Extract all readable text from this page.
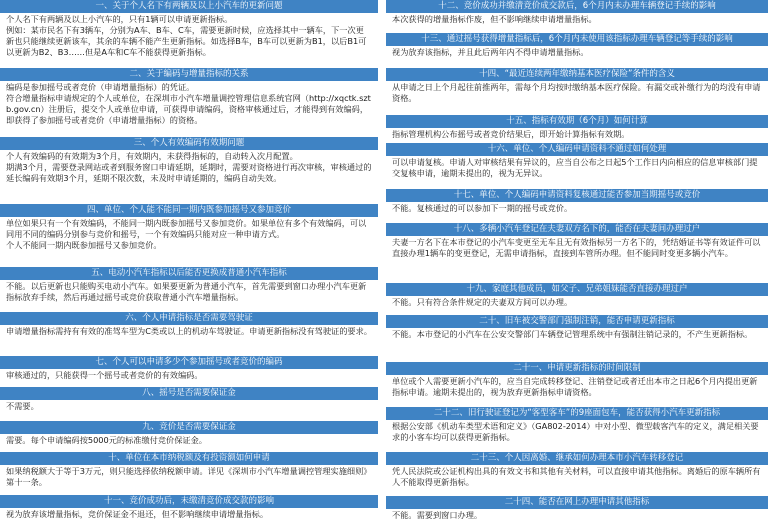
一、关于个人名下有两辆及以上小汽车的更新问题
个人名下有两辆及以上小汽车的，只有1辆可以申请更新指标。
例如：某市民名下有3辆车，分别为A车、B车、C车，需要更新时候，应选择其中一辆车，下一次更新也只能继续更新该车，其余的车辆不能产生更新指标。如选择B车，B车可以更新为B1，以后B1可以更新为B2、B3……但是A车和C车不能获得更新指标。
二、关于编码与增量指标的关系
编码是参加摇号或者竞价（申请增量指标）的凭证。
符合增量指标申请规定的个人或单位，在深圳市小汽车增量调控管理信息系统官网（http://xqctk.sztb.gov.cn）注册后，提交个人或单位申请，可获得申请编码，资格审核通过后，才能得到有效编码，即获得了参加摇号或者竞价（申请增量指标）的资格。
三、个人有效编码有效期问题
个人有效编码的有效期为3个月，有效期内，未获得指标的，自动转入次月配置。
期满3个月，需要登录网站或者到服务窗口申请延期，延期时，需要对资格进行再次审核，审核通过的延长编码有效期3个月，延期不限次数，未及时申请延期的，编码自动失效。
四、单位、个人能不能同一期内既参加摇号又参加竞价
单位如果只有一个有效编码，不能同一期内既参加摇号又参加竞价。如果单位有多个有效编码，可以同用不同的编码分别参与竞价和摇号，一个有效编码只能对应一种申请方式。
个人不能同一期内既参加摇号又参加竞价。
五、电动小汽车指标以后能否更换成普通小汽车指标
不能。以后更新也只能购买电动小汽车。如果要更新为普通小汽车，首先需要到窗口办理小汽车更新指标放弃手续，然后再通过摇号或竞价获取普通小汽车增量指标。
六、个人申请指标是否需要驾驶证
申请增量指标需持有有效的准驾车型为C类或以上的机动车驾驶证。申请更新指标没有驾驶证的要求。
七、个人可以申请多少个参加摇号或者竞价的编码
审核通过的，只能获得一个摇号或者竞价的有效编码。
八、摇号是否需要保证金
不需要。
九、竞价是否需要保证金
需要。每个申请编码按5000元的标准缴付竞价保证金。
十、单位在本市纳税额及有投资额如何申请
如果纳税额大于等于3万元，则只能选择依纳税额申请。详见《深圳市小汽车增量调控管理实施细则》第十一条。
十一、竞价成功后，未缴清竞价成交款的影响
视为放弃该增量指标，竞价保证金不退还，但不影响继续申请增量指标。
十二、竞价成功并缴清竞价成交款后，6个月内未办理车辆登记手续的影响
本次获得的增量指标作废，但不影响继续申请增量指标。
十三、通过摇号获得增量指标后，6个月内未使用该指标办理车辆登记等手续的影响
视为放弃该指标，并且此后两年内不得申请增量指标。
十四、“最近连续两年缴纳基本医疗保险”条件的含义
从申请之日上个月起往前推两年，需每个月均按时缴纳基本医疗保险。有漏交或补缴行为的均没有申请资格。
十五、指标有效期（6个月）如何计算
指标管理机构公布摇号或者竞价结果后，即开始计算指标有效期。
十六、单位、个人编码申请资料不通过如何处理
可以申请复核。申请人对审核结果有异议的，应当自公布之日起5个工作日内向相应的信息审核部门提交复核申请，逾期未提出的，视为无异议。
十七、单位、个人编码申请资料复核通过能否参加当期摇号或竞价
不能。复核通过的可以参加下一期的摇号或竞价。
十八、多辆小汽车登记在夫妻双方名下的，能否在夫妻间办理过户
夫妻一方名下在本市登记的小汽车变更至无车且无有效指标另一方名下的，凭结婚证书等有效证件可以直接办理1辆车的变更登记，无需申请指标，直接到车管所办理。但不能同时变更多辆小汽车。
十九、家庭其他成员，如父子、兄弟姐妹能否直接办理过户
不能。只有符合条件规定的夫妻双方间可以办理。
二十、旧车被交警部门强制注销，能否申请更新指标
不能。本市登记的小汽车在公安交警部门车辆登记管理系统中有强制注销记录的，不产生更新指标。
二十一、申请更新指标的时间限制
单位或个人需要更新小汽车的，应当自完成转移登记、注销登记或者迁出本市之日起6个月内提出更新指标申请。逾期未提出的，视为放弃更新指标申请资格。
二十二、旧行驶证登记为“客型客车”的9座面包车，能否获得小汽车更新指标
根据公安部《机动车类型术语和定义》（GA802-2014）中对小型、微型载客汽车的定义，满足相关要求的小客车均可以获得更新指标。
二十三、个人因离婚、继承如何办理本市小汽车转移登记
凭人民法院或公证机构出具的有效文书和其他有关材料，可以直接申请其他指标。离婚后的原车辆所有人不能取得更新指标。
二十四、能否在网上办理申请其他指标
不能。需要到窗口办理。
